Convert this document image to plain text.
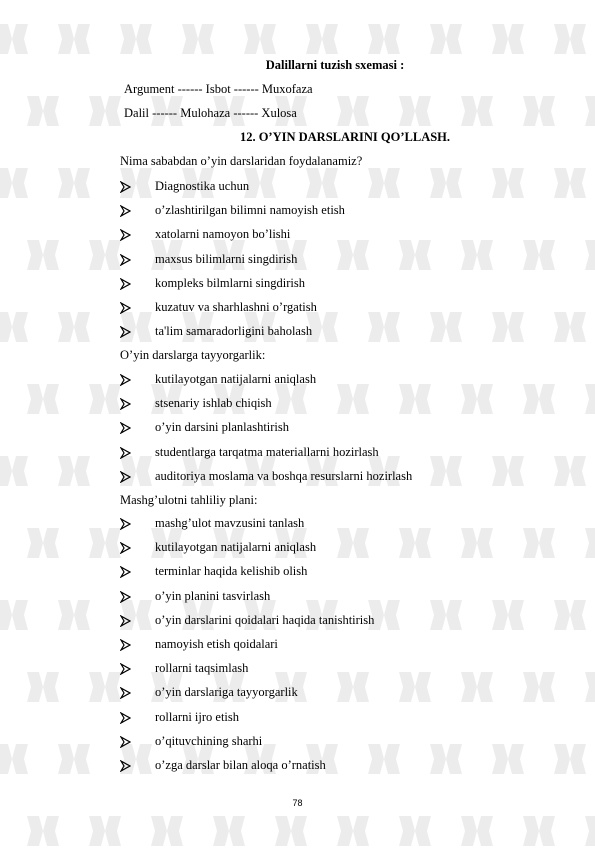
Dalillarni tuzish sxemasi :
Argument ------ Isbot ------ Muxofaza
Dalil ------ Mulohaza ------ Xulosa
12. O’YIN DARSLARINI QO’LLASH.
Nima sababdan o’yin darslaridan foydalanamiz?
Diagnostika uchun
o’zlashtirilgan bilimni namoyish etish
xatolarni namoyon bo’lishi
maxsus bilimlarni singdirish
kompleks bilmlarni singdirish
kuzatuv va sharhlashni o’rgatish
ta'lim samaradorligini baholash
O’yin darslarga tayyorgarlik:
kutilayotgan natijalarni aniqlash
stsenariy ishlab chiqish
o’yin darsini planlashtirish
studentlarga tarqatma materiallarni hozirlash
auditoriya moslama va boshqa resurslarni hozirlash
Mashg’ulotni tahliliy plani:
mashg’ulot mavzusini tanlash
kutilayotgan natijalarni aniqlash
terminlar haqida kelishib olish
o’yin planini tasvirlash
o’yin darslarini qoidalari haqida tanishtirish
namoyish etish qoidalari
rollarni taqsimlash
o’yin darslariga tayyorgarlik
rollarni ijro etish
o’qituvchining sharhi
o’zga darslar bilan aloqa o’rnatish
78
